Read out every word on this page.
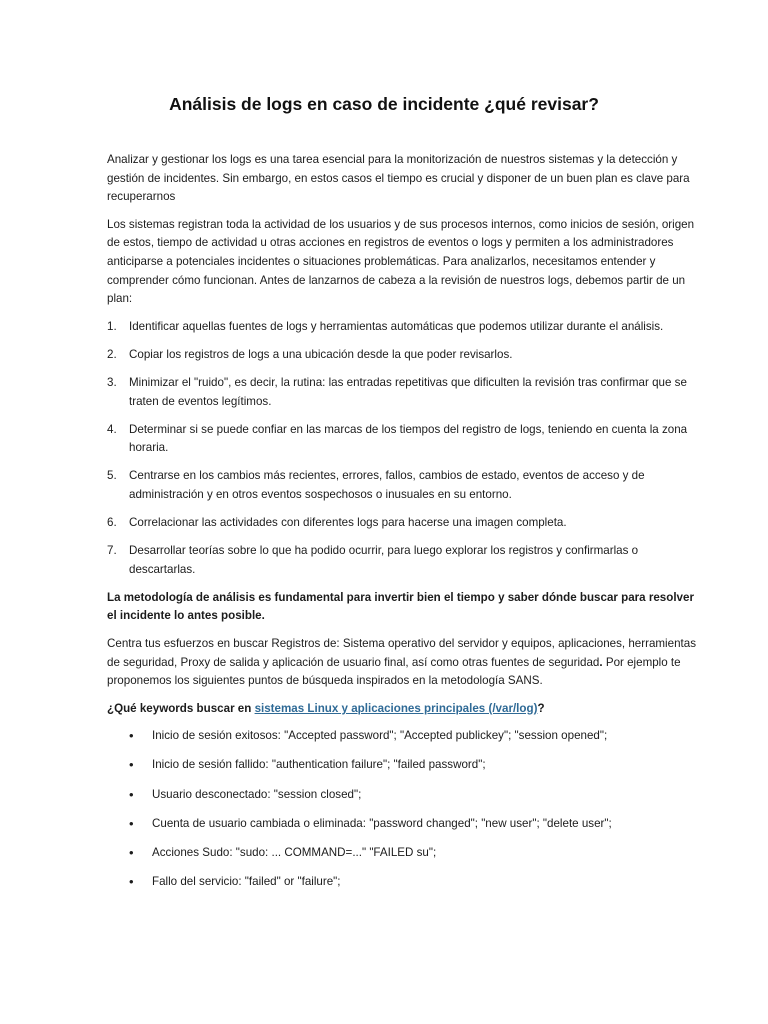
Análisis de logs en caso de incidente ¿qué revisar?

Analizar y gestionar los logs es una tarea esencial para la monitorización de nuestros sistemas y la detección y gestión de incidentes. Sin embargo, en estos casos el tiempo es crucial y disponer de un buen plan es clave para recuperarnos

Los sistemas registran toda la actividad de los usuarios y de sus procesos internos, como inicios de sesión, origen de estos, tiempo de actividad u otras acciones en registros de eventos o logs y permiten a los administradores anticiparse a potenciales incidentes o situaciones problemáticas. Para analizarlos, necesitamos entender y comprender cómo funcionan. Antes de lanzarnos de cabeza a la revisión de nuestros logs, debemos partir de un plan:

1. Identificar aquellas fuentes de logs y herramientas automáticas que podemos utilizar durante el análisis.
2. Copiar los registros de logs a una ubicación desde la que poder revisarlos.
3. Minimizar el "ruido", es decir, la rutina: las entradas repetitivas que dificulten la revisión tras confirmar que se traten de eventos legítimos.
4. Determinar si se puede confiar en las marcas de los tiempos del registro de logs, teniendo en cuenta la zona horaria.
5. Centrarse en los cambios más recientes, errores, fallos, cambios de estado, eventos de acceso y de administración y en otros eventos sospechosos o inusuales en su entorno.
6. Correlacionar las actividades con diferentes logs para hacerse una imagen completa.
7. Desarrollar teorías sobre lo que ha podido ocurrir, para luego explorar los registros y confirmarlas o descartarlas.

La metodología de análisis es fundamental para invertir bien el tiempo y saber dónde buscar para resolver el incidente lo antes posible.

Centra tus esfuerzos en buscar Registros de: Sistema operativo del servidor y equipos, aplicaciones, herramientas de seguridad, Proxy de salida y aplicación de usuario final, así como otras fuentes de seguridad. Por ejemplo te proponemos los siguientes puntos de búsqueda inspirados en la metodología SANS.

¿Qué keywords buscar en sistemas Linux y aplicaciones principales (/var/log)?

• Inicio de sesión exitosos: "Accepted password"; "Accepted publickey"; "session opened";
• Inicio de sesión fallido: "authentication failure"; "failed password";
• Usuario desconectado: "session closed";
• Cuenta de usuario cambiada o eliminada: "password changed"; "new user"; "delete user";
• Acciones Sudo: "sudo: ... COMMAND=..." "FAILED su";
• Fallo del servicio: "failed" or "failure";
